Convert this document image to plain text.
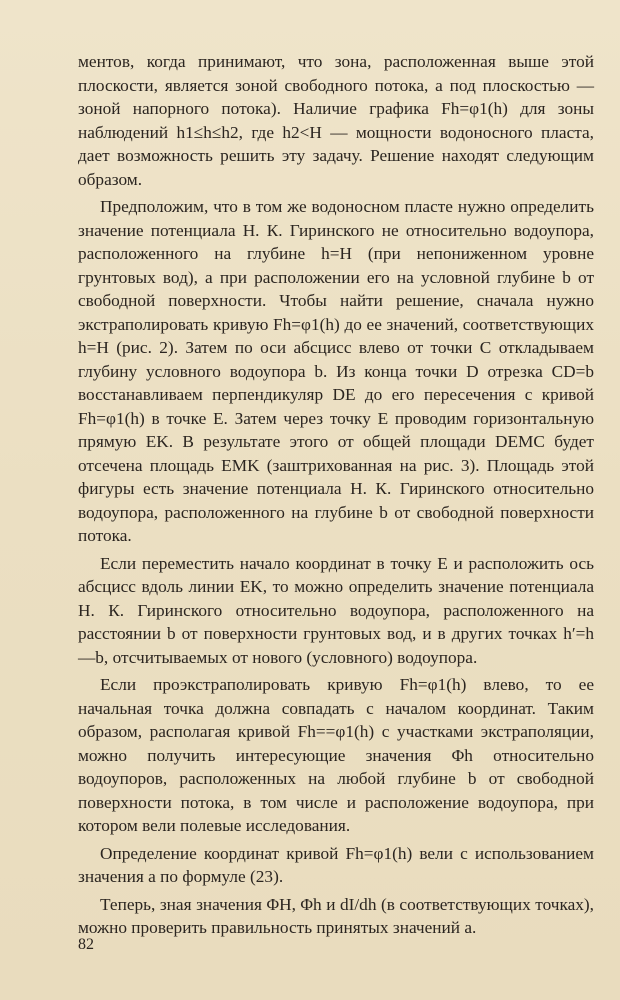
ментов, когда принимают, что зона, расположенная выше этой плоскости, является зоной свободного потока, а под плоскостью — зоной напорного потока). Наличие графика Fh=φ1(h) для зоны наблюдений h1≤h≤h2, где h2<H — мощности водоносного пласта, дает возможность решить эту задачу. Решение находят следующим образом.

Предположим, что в том же водоносном пласте нужно определить значение потенциала Н. К. Гиринского не относительно водоупора, расположенного на глубине h=H (при непониженном уровне грунтовых вод), а при расположении его на условной глубине b от свободной поверхности. Чтобы найти решение, сначала нужно экстраполировать кривую Fh=φ1(h) до ее значений, соответствующих h=H (рис. 2). Затем по оси абсцисс влево от точки C откладываем глубину условного водоупора b. Из конца точки D отрезка CD=b восстанавливаем перпендикуляр DE до его пересечения с кривой Fh=φ1(h) в точке E. Затем через точку E проводим горизонтальную прямую EK. В результате этого от общей площади DEMC будет отсечена площадь EMK (заштрихованная на рис. 3). Площадь этой фигуры есть значение потенциала Н. К. Гиринского относительно водоупора, расположенного на глубине b от свободной поверхности потока.

Если переместить начало координат в точку E и расположить ось абсцисс вдоль линии EK, то можно определить значение потенциала Н. К. Гиринского относительно водоупора, расположенного на расстоянии b от поверхности грунтовых вод, и в других точках h′=h—b, отсчитываемых от нового (условного) водоупора.

Если проэкстраполировать кривую Fh=φ1(h) влево, то ее начальная точка должна совпадать с началом координат. Таким образом, располагая кривой Fh==φ1(h) с участками экстраполяции, можно получить интересующие значения Φh относительно водоупоров, расположенных на любой глубине b от свободной поверхности потока, в том числе и расположение водоупора, при котором вели полевые исследования.

Определение координат кривой Fh=φ1(h) вели с использованием значения a по формуле (23).

Теперь, зная значения ΦH, Φh и dI/dh (в соответствующих точках), можно проверить правильность принятых значений a.

82
